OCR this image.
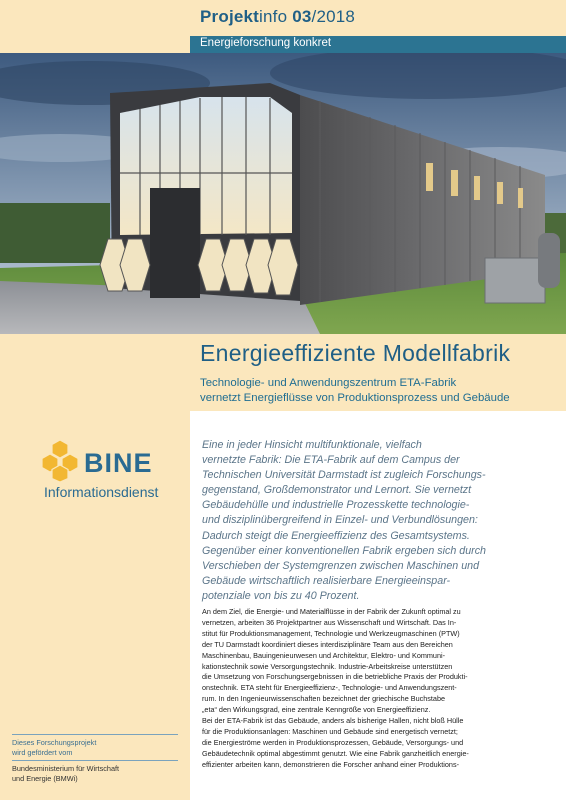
Projektinfo 03/2018
Energieforschung konkret
Energieeffiziente Modellfabrik
Technologie- und Anwendungszentrum ETA-Fabrik
vernetzt Energieflüsse von Produktionsprozess und Gebäude
BINE
Informationsdienst

Eine in jeder Hinsicht multifunktionale, vielfach

vernetzte Fabrik: Die ETA-Fabrik auf dem Campus der

Technischen Universität Darmstadt ist zugleich Forschungs-

gegenstand, Großdemonstrator und Lernort. Sie vernetzt

Gebäudehülle und industrielle Prozesskette technologie-

und disziplinübergreifend in Einzel- und Verbundlösungen:

Dadurch steigt die Energieeffizienz des Gesamtsystems.

Gegenüber einer konventionellen Fabrik ergeben sich durch

Verschieben der Systemgrenzen zwischen Maschinen und

Gebäude wirtschaftlich realisierbare Energieeinspar-

potenziale von bis zu 40 Prozent.

An dem Ziel, die Energie- und Materialflüsse in der Fabrik der Zukunft optimal zu

vernetzen, arbeiten 36 Projektpartner aus Wissenschaft und Wirtschaft. Das In-

stitut für Produktionsmanagement, Technologie und Werkzeugmaschinen (PTW)

der TU Darmstadt koordiniert dieses interdisziplinäre Team aus den Bereichen

Maschinenbau, Bauingenieurwesen und Architektur, Elektro- und Kommuni-

kationstechnik sowie Versorgungstechnik. Industrie-Arbeitskreise unterstützen

die Umsetzung von Forschungsergebnissen in die betriebliche Praxis der Produkti-

onstechnik. ETA steht für Energieeffizienz-, Technologie- und Anwendungszent-

rum. In den Ingenieurwissenschaften bezeichnet der griechische Buchstabe

„eta“ den Wirkungsgrad, eine zentrale Kenngröße von Energieeffizienz.

Bei der ETA-Fabrik ist das Gebäude, anders als bisherige Hallen, nicht bloß Hülle

für die Produktionsanlagen: Maschinen und Gebäude sind energetisch vernetzt;

die Energieströme werden in Produktionsprozessen, Gebäude, Versorgungs- und

Gebäudetechnik optimal abgestimmt genutzt. Wie eine Fabrik ganzheitlich energie-

effizienter arbeiten kann, demonstrieren die Forscher anhand einer Produktions-

Dieses Forschungsprojekt
wird gefördert vom
Bundesministerium für Wirtschaft
und Energie (BMWi)
